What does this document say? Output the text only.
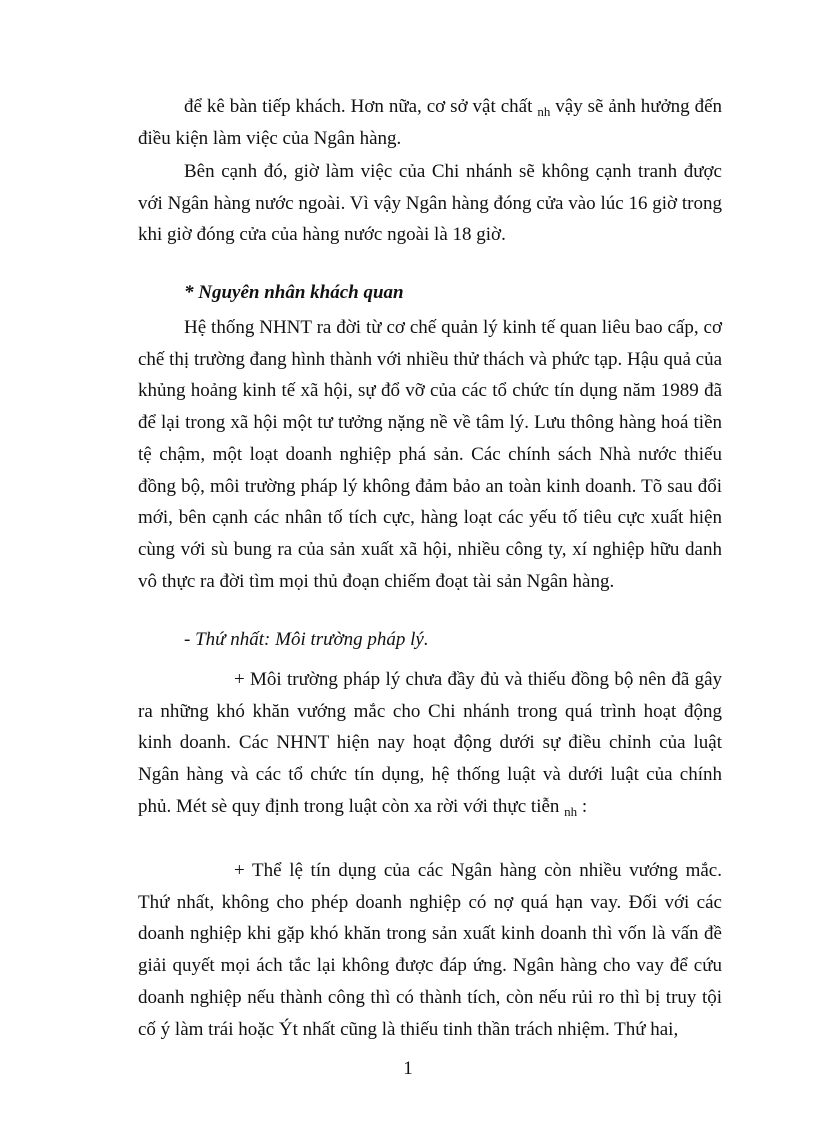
để kê bàn tiếp khách. Hơn nữa, cơ sở vật chất $_{nh}$ vậy sẽ ảnh hưởng đến điều kiện làm việc của Ngân hàng.

Bên cạnh đó, giờ làm việc của Chi nhánh sẽ không cạnh tranh được với Ngân hàng nước ngoài. Vì vậy Ngân hàng đóng cửa vào lúc 16 giờ trong khi giờ đóng cửa của hàng nước ngoài là 18 giờ.

* Nguyên nhân khách quan

Hệ thống NHNT ra đời từ cơ chế quản lý kinh tế quan liêu bao cấp, cơ chế thị trường đang hình thành với nhiều thử thách và phức tạp. Hậu quả của khủng hoảng kinh tế xã hội, sự đổ vỡ của các tổ chức tín dụng năm 1989 đã để lại trong xã hội một tư tưởng nặng nề về tâm lý. Lưu thông hàng hoá tiền tệ chậm, một loạt doanh nghiệp phá sản. Các chính sách Nhà nước thiếu đồng bộ, môi trường pháp lý không đảm bảo an toàn kinh doanh. Tõ sau đổi mới, bên cạnh các nhân tố tích cực, hàng loạt các yếu tố tiêu cực xuất hiện cùng với sù bung ra của sản xuất xã hội, nhiều công ty, xí nghiệp hữu danh vô thực ra đời tìm mọi thủ đoạn chiếm đoạt tài sản Ngân hàng.

- Thứ nhất: Môi trường pháp lý.

+ Môi trường pháp lý chưa đầy đủ và thiếu đồng bộ nên đã gây ra những khó khăn vướng mắc cho Chi nhánh trong quá trình hoạt động kinh doanh. Các NHNT hiện nay hoạt động dưới sự điều chỉnh của luật Ngân hàng và các tổ chức tín dụng, hệ thống luật và dưới luật của chính phủ. Mét sè quy định trong luật còn xa rời với thực tiễn $_{nh}$ :

+ Thể lệ tín dụng của các Ngân hàng còn nhiều vướng mắc. Thứ nhất, không cho phép doanh nghiệp có nợ quá hạn vay. Đối với các doanh nghiệp khi gặp khó khăn trong sản xuất kinh doanh thì vốn là vấn đề giải quyết mọi ách tắc lại không được đáp ứng. Ngân hàng cho vay để cứu doanh nghiệp nếu thành công thì có thành tích, còn nếu rủi ro thì bị truy tội cố ý làm trái hoặc Ýt nhất cũng là thiếu tinh thần trách nhiệm. Thứ hai,

1
